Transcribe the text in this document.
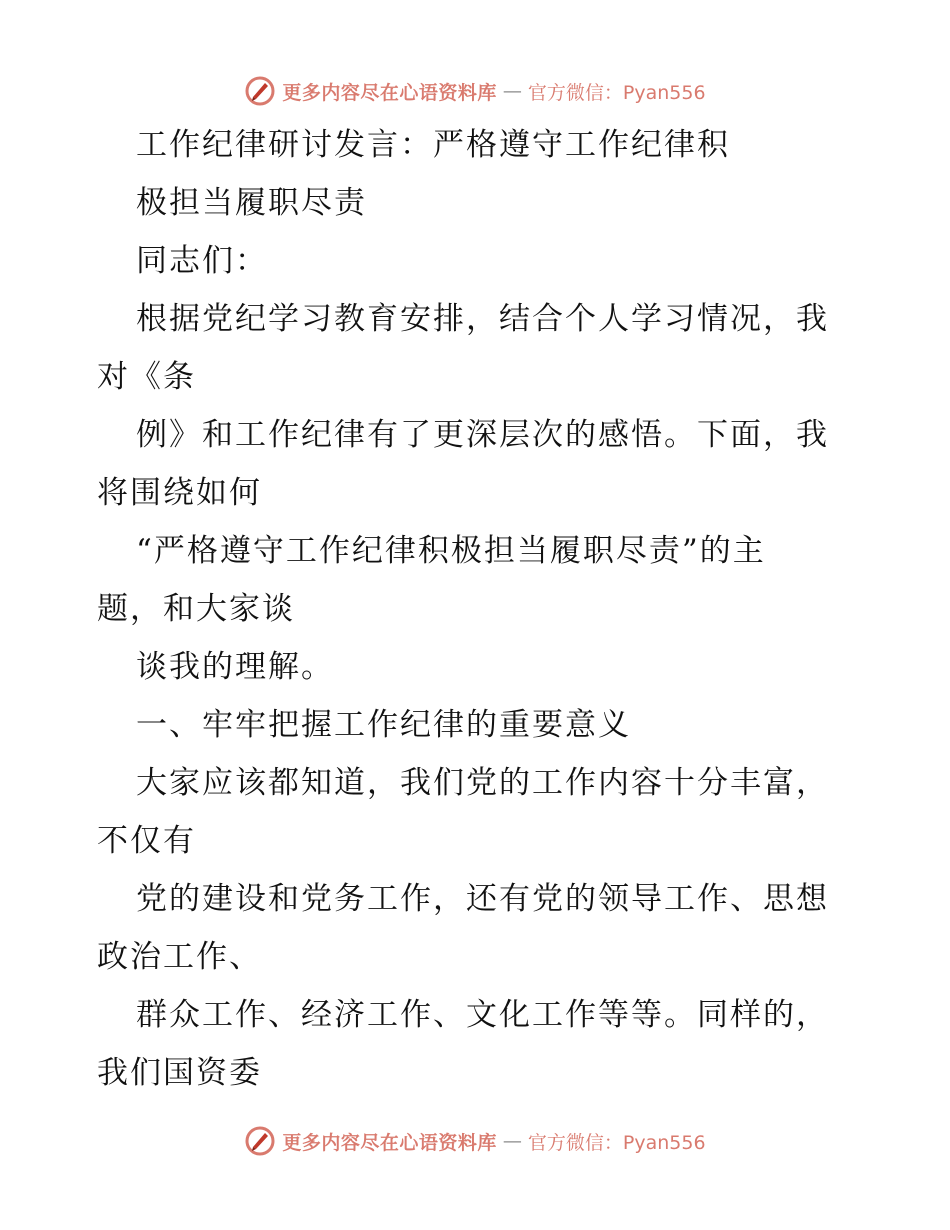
更多内容尽在心语资料库 — 官方微信：Pyan556
工作纪律研讨发言：严格遵守工作纪律积
极担当履职尽责
同志们：
根据党纪学习教育安排，结合个人学习情况，我
对《条
例》和工作纪律有了更深层次的感悟。下面，我
将围绕如何
“严格遵守工作纪律积极担当履职尽责”的主
题，和大家谈
谈我的理解。
一、牢牢把握工作纪律的重要意义
大家应该都知道，我们党的工作内容十分丰富，
不仅有
党的建设和党务工作，还有党的领导工作、思想
政治工作、
群众工作、经济工作、文化工作等等。同样的，
我们国资委
更多内容尽在心语资料库 — 官方微信：Pyan556
